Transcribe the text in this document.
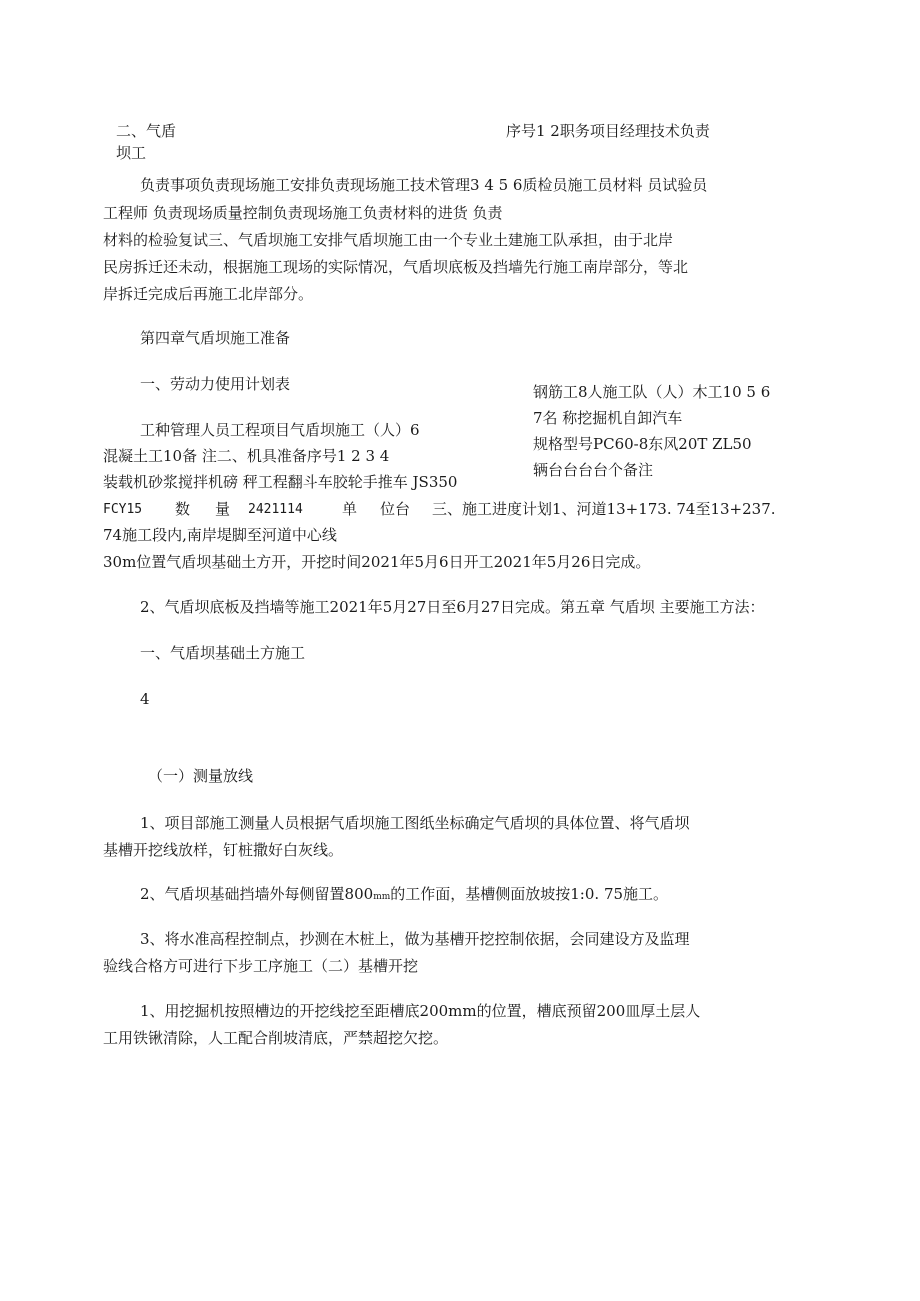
二、气盾坝工
序号1 2职务项目经理技术负责
负责事项负责现场施工安排负责现场施工技术管理3 4 5 6质检员施工员材料 员试验员
工程师 负责现场质量控制负责现场施工负责材料的进货 负责
材料的检验复试三、气盾坝施工安排气盾坝施工由一个专业土建施工队承担，由于北岸
民房拆迁还未动，根据施工现场的实际情况，气盾坝底板及挡墙先行施工南岸部分，等北
岸拆迁完成后再施工北岸部分。
第四章气盾坝施工准备
一、劳动力使用计划表	钢筋工8人施工队（人）木工10 5 6
7名 称挖掘机自卸汽车
工种管理人员工程项目气盾坝施工（人）6
规格型号PC60-8东风20T ZL50
混凝土工10备 注二、机具准备序号1 2 3 4
辆台台台台个备注
装载机砂浆搅拌机磅 秤工程翻斗车胶轮手推车 JS350
FCY15 数 量 2421114	单 位台 三、施工进度计划1、河道13+173. 74至13+237.
74施工段内,南岸堤脚至河道中心线
30m位置气盾坝基础土方开，开挖时间2021年5月6日开工2021年5月26日完成。
2、气盾坝底板及挡墙等施工2021年5月27日至6月27日完成。第五章 气盾坝 主要施工方法：
一、气盾坝基础土方施工
4
（一）测量放线
1、项目部施工测量人员根据气盾坝施工图纸坐标确定气盾坝的具体位置、将气盾坝
基槽开挖线放样，钉桩撒好白灰线。
2、气盾坝基础挡墙外每侧留置800mm的工作面，基槽侧面放坡按1:0. 75施工。
3、将水准高程控制点，抄测在木桩上，做为基槽开挖控制依据，会同建设方及监理
验线合格方可进行下步工序施工（二）基槽开挖
1、用挖掘机按照槽边的开挖线挖至距槽底200mm的位置，槽底预留200皿厚土层人
工用铁锹清除，人工配合削坡清底，严禁超挖欠挖。
